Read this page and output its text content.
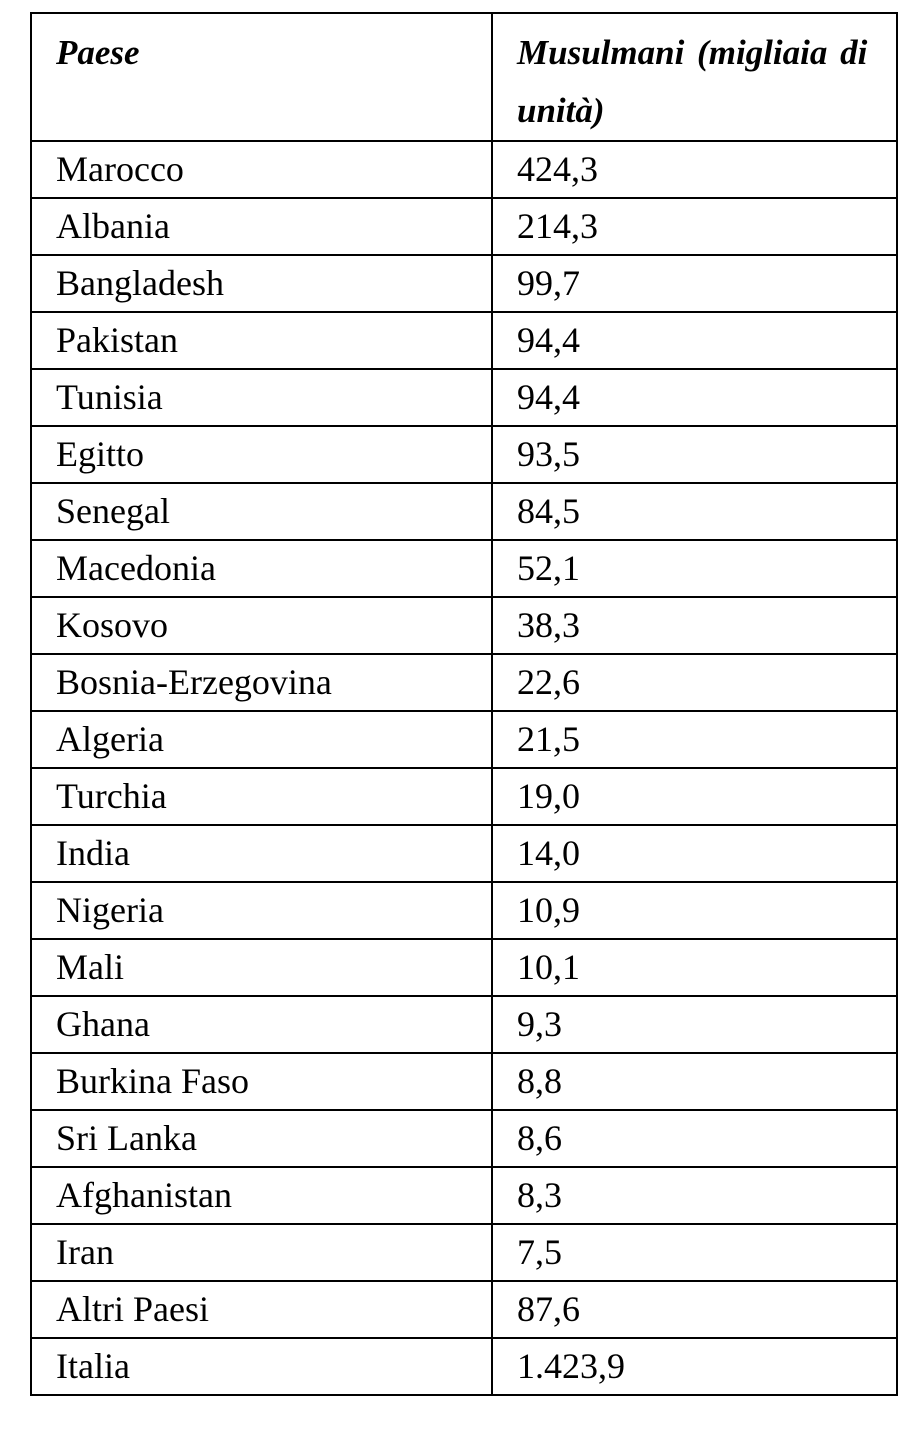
Paese	Musulmani (migliaia di unità)
Marocco	424,3
Albania	214,3
Bangladesh	99,7
Pakistan	94,4
Tunisia	94,4
Egitto	93,5
Senegal	84,5
Macedonia	52,1
Kosovo	38,3
Bosnia-Erzegovina	22,6
Algeria	21,5
Turchia	19,0
India	14,0
Nigeria	10,9
Mali	10,1
Ghana	9,3
Burkina Faso	8,8
Sri Lanka	8,6
Afghanistan	8,3
Iran	7,5
Altri Paesi	87,6
Italia	1.423,9
